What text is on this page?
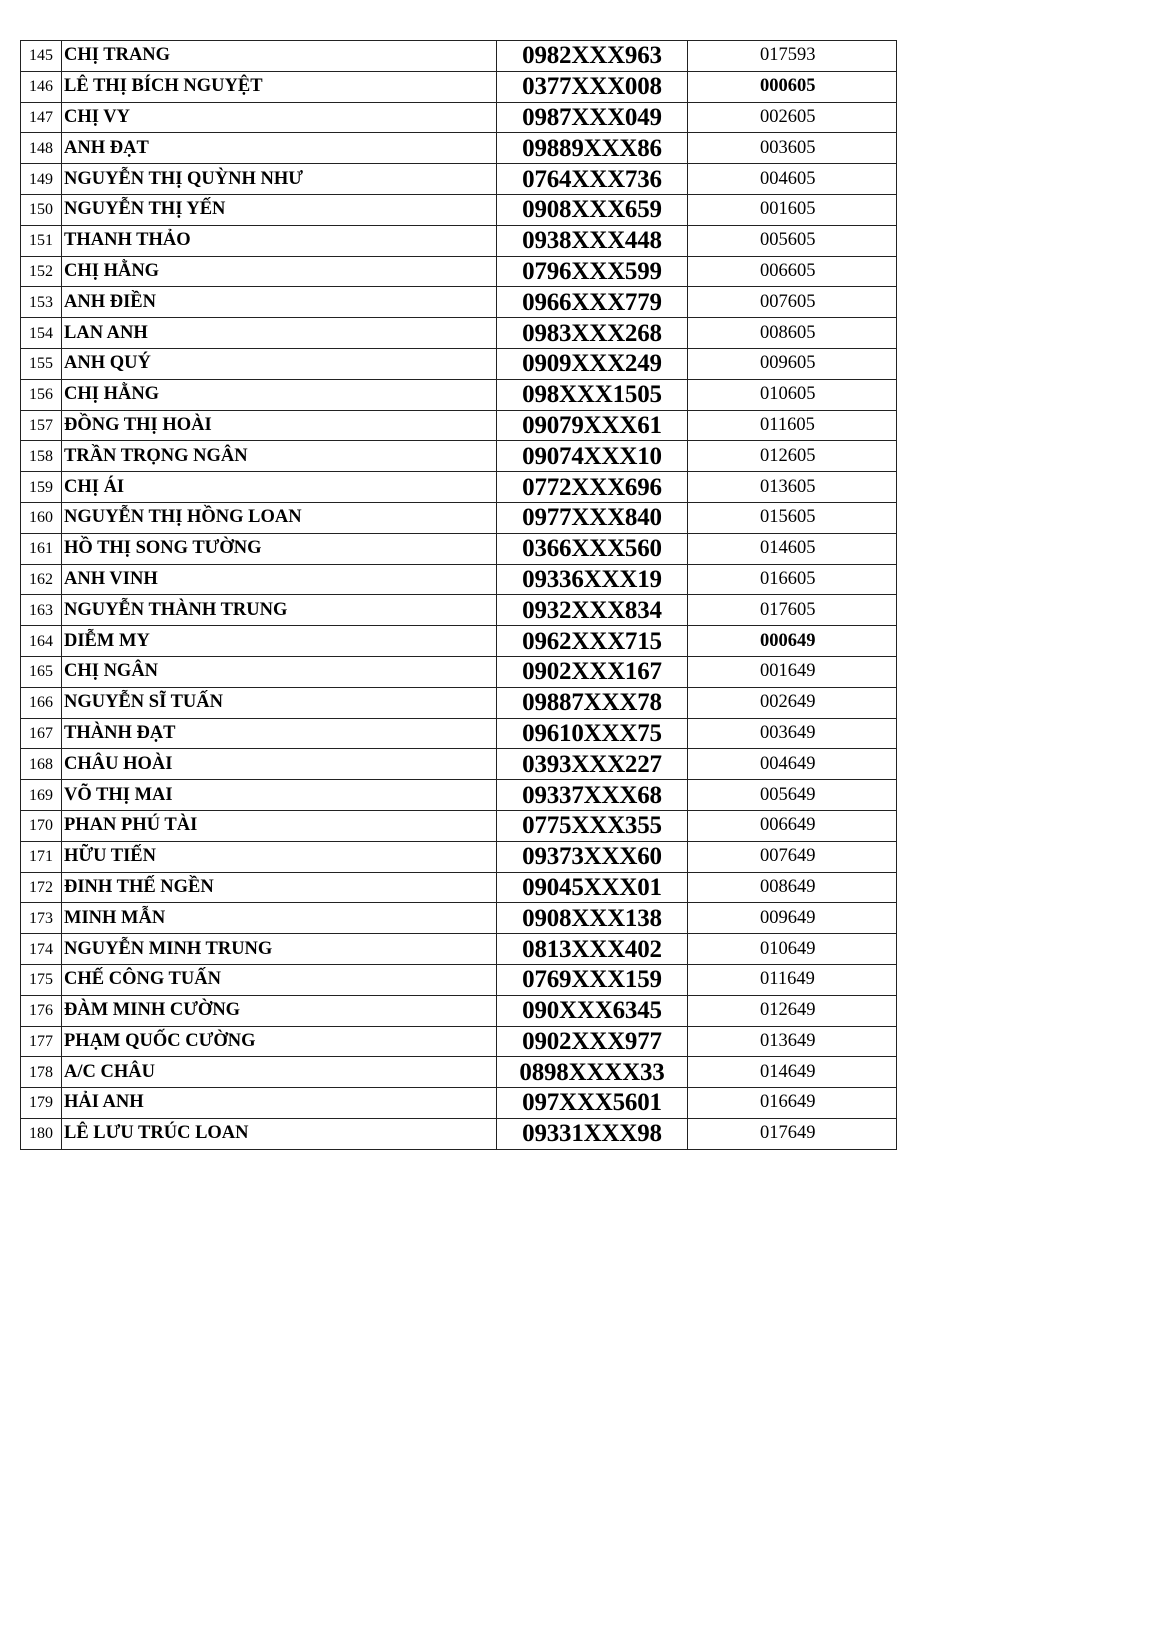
145	CHỊ TRANG	0982XXX963	017593
146	LÊ THỊ BÍCH NGUYỆT	0377XXX008	000605
147	CHỊ VY	0987XXX049	002605
148	ANH ĐẠT	09889XXX86	003605
149	NGUYỄN THỊ QUỲNH NHƯ	0764XXX736	004605
150	NGUYỄN THỊ YẾN	0908XXX659	001605
151	THANH THẢO	0938XXX448	005605
152	CHỊ HẰNG	0796XXX599	006605
153	ANH ĐIỀN	0966XXX779	007605
154	LAN ANH	0983XXX268	008605
155	ANH QUÝ	0909XXX249	009605
156	CHỊ HẰNG	098XXX1505	010605
157	ĐỒNG THỊ HOÀI	09079XXX61	011605
158	TRẦN TRỌNG NGÂN	09074XXX10	012605
159	CHỊ ÁI	0772XXX696	013605
160	NGUYỄN THỊ HỒNG LOAN	0977XXX840	015605
161	HỒ THỊ SONG TƯỜNG	0366XXX560	014605
162	ANH VINH	09336XXX19	016605
163	NGUYỄN THÀNH TRUNG	0932XXX834	017605
164	DIỄM MY	0962XXX715	000649
165	CHỊ NGÂN	0902XXX167	001649
166	NGUYỄN SĨ TUẤN	09887XXX78	002649
167	THÀNH ĐẠT	09610XXX75	003649
168	CHÂU HOÀI	0393XXX227	004649
169	VÕ THỊ MAI	09337XXX68	005649
170	PHAN PHÚ TÀI	0775XXX355	006649
171	HỮU TIẾN	09373XXX60	007649
172	ĐINH THẾ NGỀN	09045XXX01	008649
173	MINH MẪN	0908XXX138	009649
174	NGUYỄN MINH TRUNG	0813XXX402	010649
175	CHẾ CÔNG TUẤN	0769XXX159	011649
176	ĐÀM MINH CƯỜNG	090XXX6345	012649
177	PHẠM QUỐC CƯỜNG	0902XXX977	013649
178	A/C CHÂU	0898XXXX33	014649
179	HẢI ANH	097XXX5601	016649
180	LÊ LƯU TRÚC LOAN	09331XXX98	017649
